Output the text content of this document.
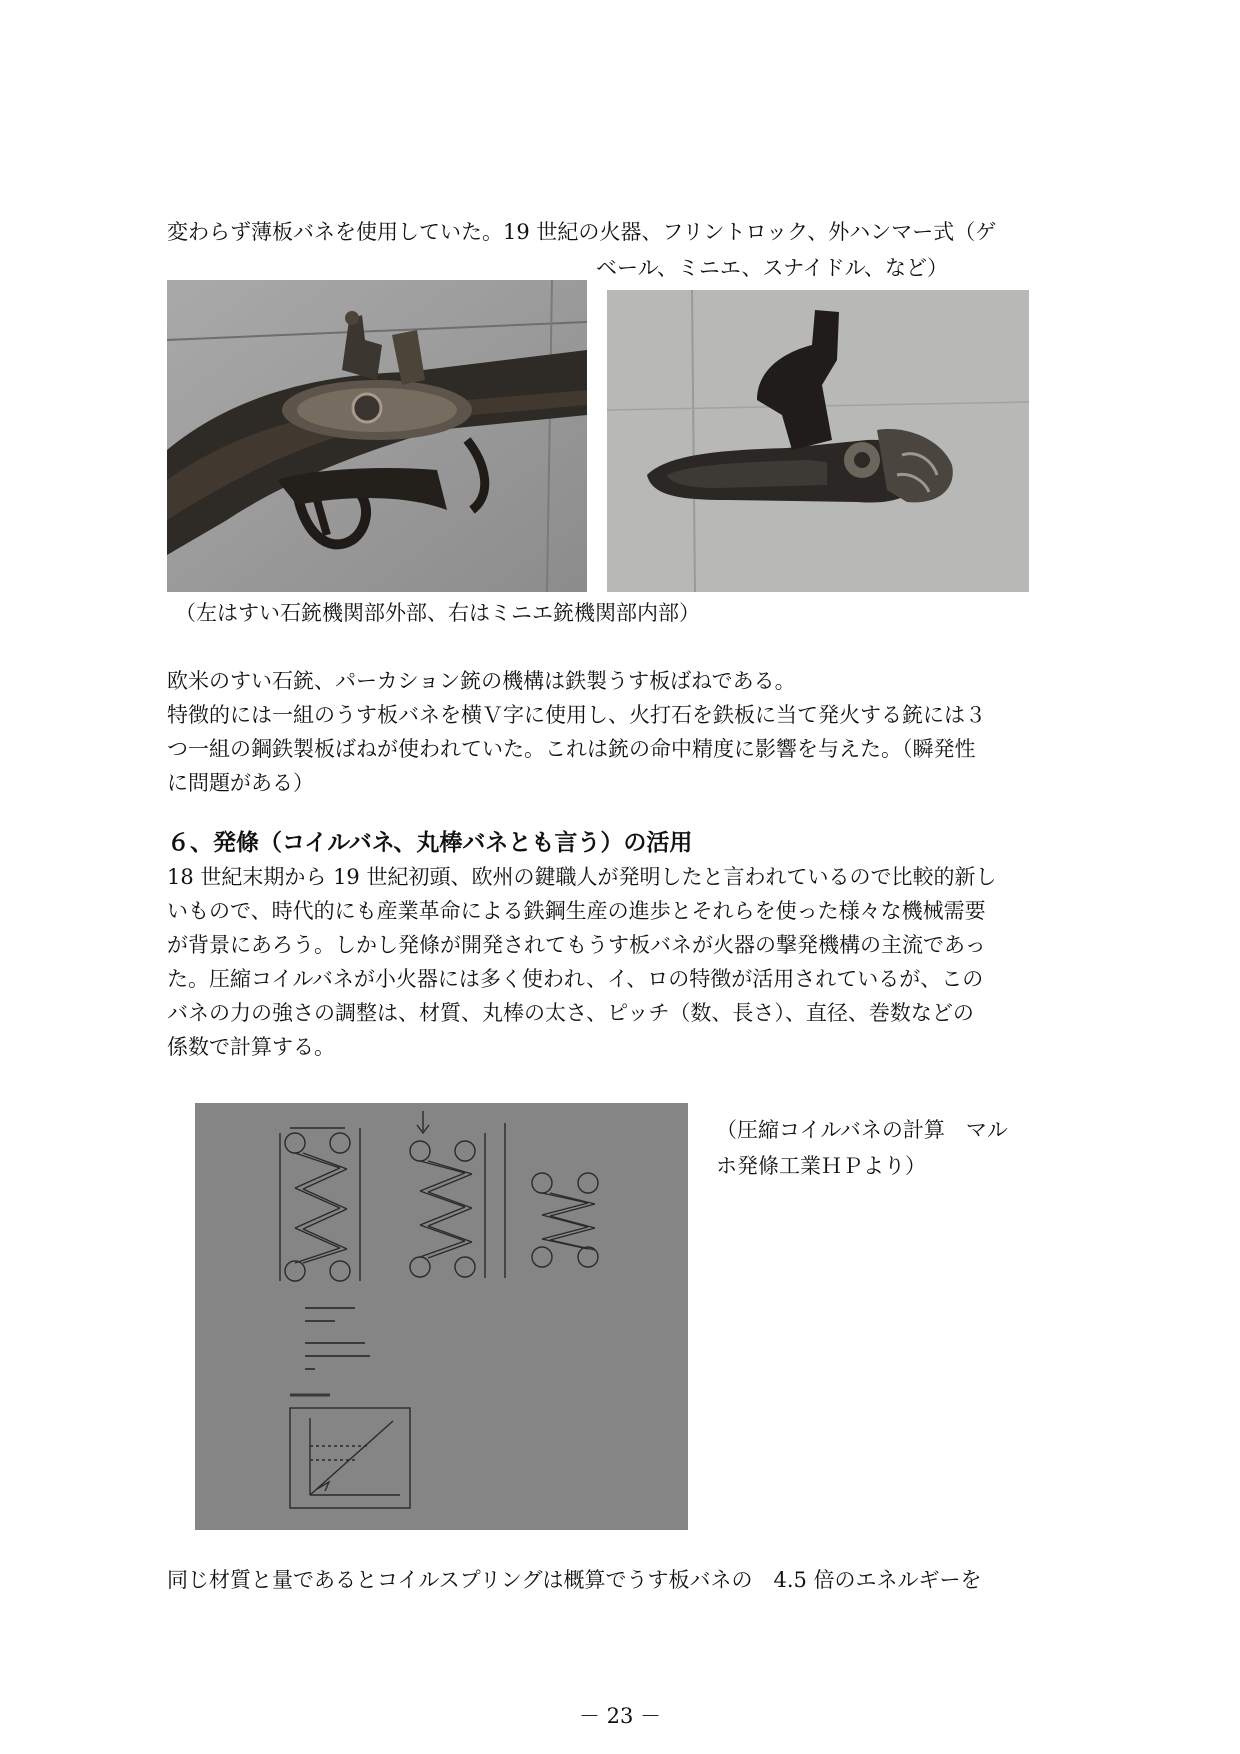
変わらず薄板バネを使用していた。19 世紀の火器、フリントロック、外ハンマー式（ゲ
ベール、ミニエ、スナイドル、など）
（左はすい石銃機関部外部、右はミニエ銃機関部内部）
欧米のすい石銃、パーカション銃の機構は鉄製うす板ばねである。
特徴的には一組のうす板バネを横Ｖ字に使用し、火打石を鉄板に当て発火する銃には３
つ一組の鋼鉄製板ばねが使われていた。これは銃の命中精度に影響を与えた。（瞬発性
に問題がある）
６、発條（コイルバネ、丸棒バネとも言う）の活用
18 世紀末期から 19 世紀初頭、欧州の鍵職人が発明したと言われているので比較的新し
いもので、時代的にも産業革命による鉄鋼生産の進歩とそれらを使った様々な機械需要
が背景にあろう。しかし発條が開発されてもうす板バネが火器の撃発機構の主流であっ
た。圧縮コイルバネが小火器には多く使われ、イ、ロの特徴が活用されているが、この
バネの力の強さの調整は、材質、丸棒の太さ、ピッチ（数、長さ）、直径、巻数などの
係数で計算する。
（圧縮コイルバネの計算　マル
ホ発條工業ＨＰより）
同じ材質と量であるとコイルスプリングは概算でうす板バネの　4.5 倍のエネルギーを
－ 23 －
